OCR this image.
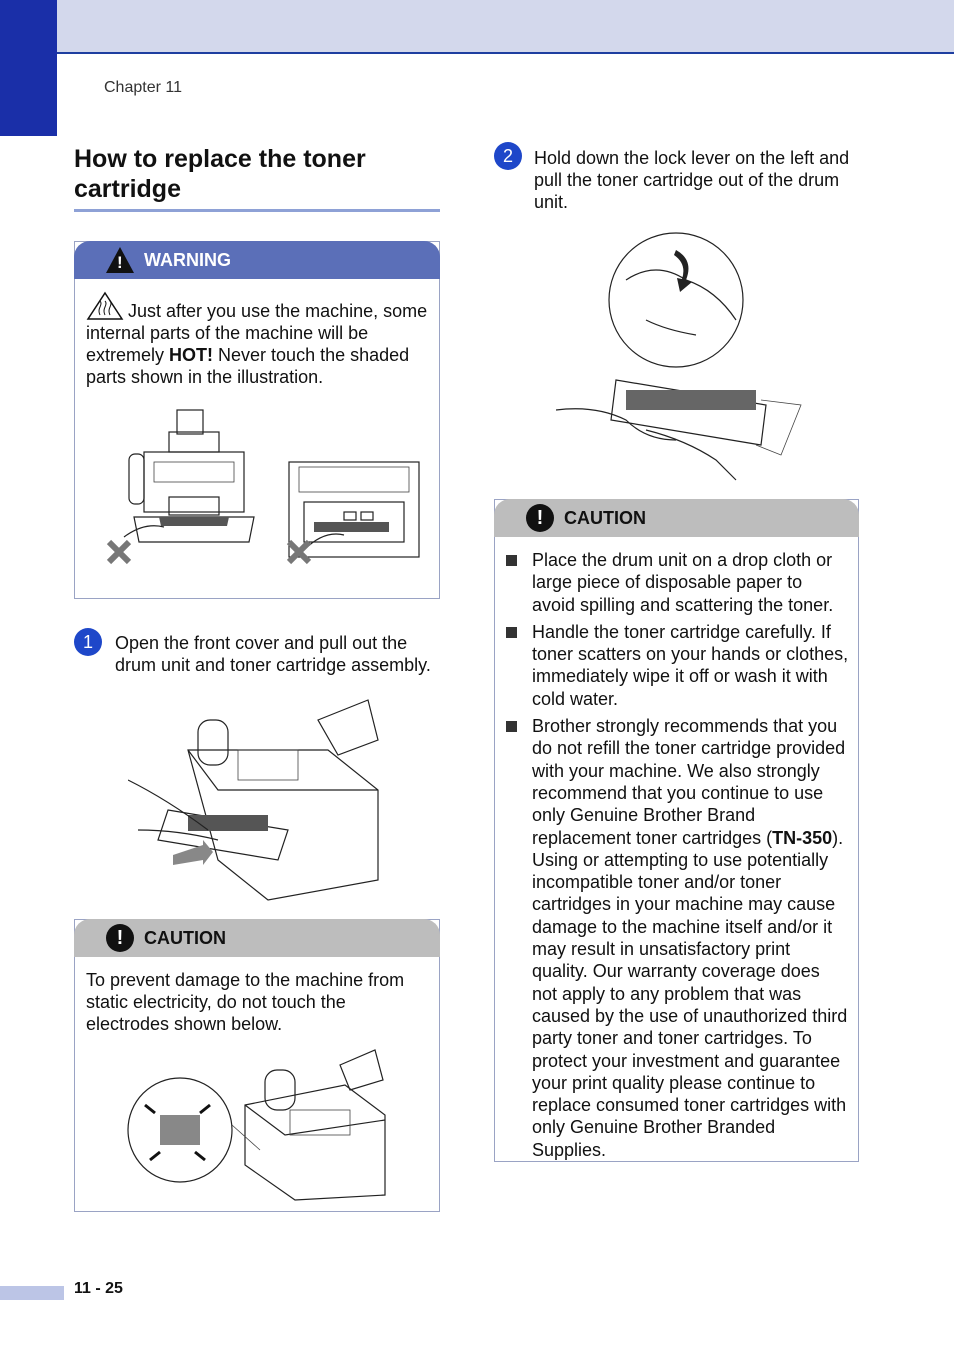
Chapter 11
How to replace the toner cartridge
! WARNING
Just after you use the machine, some internal parts of the machine will be extremely HOT! Never touch the shaded parts shown in the illustration.
1	Open the front cover and pull out the drum unit and toner cartridge assembly.
!	CAUTION
To prevent damage to the machine from static electricity, do not touch the electrodes shown below.
2	Hold down the lock lever on the left and pull the toner cartridge out of the drum unit.
!	CAUTION
Place the drum unit on a drop cloth or large piece of disposable paper to avoid spilling and scattering the toner.
Handle the toner cartridge carefully. If toner scatters on your hands or clothes, immediately wipe it off or wash it with cold water.
Brother strongly recommends that you do not refill the toner cartridge provided with your machine. We also strongly recommend that you continue to use only Genuine Brother Brand replacement toner cartridges (TN-350). Using or attempting to use potentially incompatible toner and/or toner cartridges in your machine may cause damage to the machine itself and/or it may result in unsatisfactory print quality. Our warranty coverage does not apply to any problem that was caused by the use of unauthorized third party toner and toner cartridges. To protect your investment and guarantee your print quality please continue to replace consumed toner cartridges with only Genuine Brother Branded Supplies.
11 - 25
